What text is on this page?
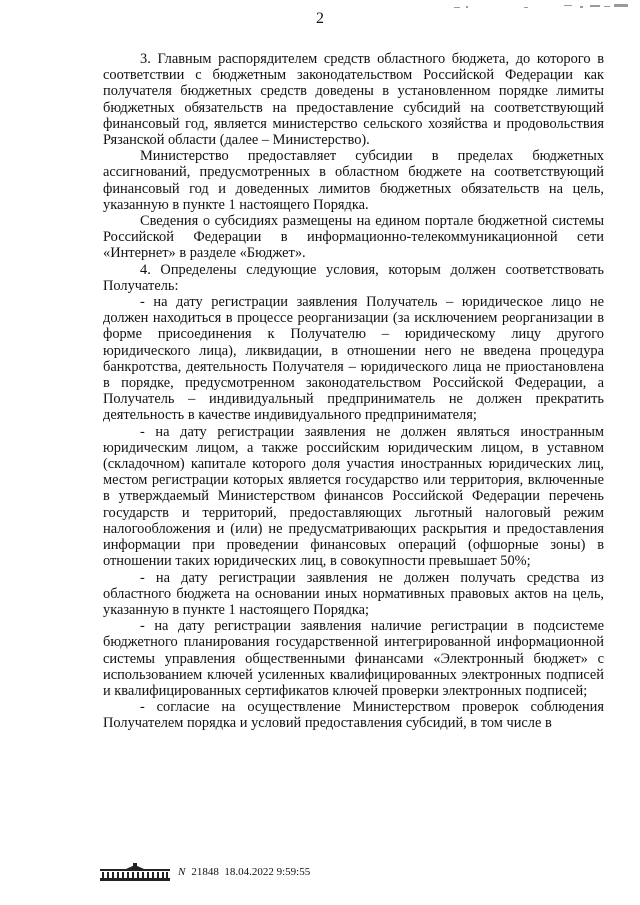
2

3. Главным распорядителем средств областного бюджета, до которого в соответствии с бюджетным законодательством Российской Федерации как получателя бюджетных средств доведены в установленном порядке лимиты бюджетных обязательств на предоставление субсидий на соответствующий финансовый год, является министерство сельского хозяйства и продовольствия Рязанской области (далее – Министерство).

Министерство предоставляет субсидии в пределах бюджетных ассигнований, предусмотренных в областном бюджете на соответствующий финансовый год и доведенных лимитов бюджетных обязательств на цель, указанную в пункте 1 настоящего Порядка.

Сведения о субсидиях размещены на едином портале бюджетной системы Российской Федерации в информационно-телекоммуникационной сети «Интернет» в разделе «Бюджет».

4. Определены следующие условия, которым должен соответствовать Получатель:

- на дату регистрации заявления Получатель – юридическое лицо не должен находиться в процессе реорганизации (за исключением реорганизации в форме присоединения к Получателю – юридическому лицу другого юридического лица), ликвидации, в отношении него не введена процедура банкротства, деятельность Получателя – юридического лица не приостановлена в порядке, предусмотренном законодательством Российской Федерации, а Получатель – индивидуальный предприниматель не должен прекратить деятельность в качестве индивидуального предпринимателя;

- на дату регистрации заявления не должен являться иностранным юридическим лицом, а также российским юридическим лицом, в уставном (складочном) капитале которого доля участия иностранных юридических лиц, местом регистрации которых является государство или территория, включенные в утверждаемый Министерством финансов Российской Федерации перечень государств и территорий, предоставляющих льготный налоговый режим налогообложения и (или) не предусматривающих раскрытия и предоставления информации при проведении финансовых операций (офшорные зоны) в отношении таких юридических лиц, в совокупности превышает 50%;

- на дату регистрации заявления не должен получать средства из областного бюджета на основании иных нормативных правовых актов на цель, указанную в пункте 1 настоящего Порядка;

- на дату регистрации заявления наличие регистрации в подсистеме бюджетного планирования государственной интегрированной информационной системы управления общественными финансами «Электронный бюджет» с использованием ключей усиленных квалифицированных электронных подписей и квалифицированных сертификатов ключей проверки электронных подписей;

- согласие на осуществление Министерством проверок соблюдения Получателем порядка и условий предоставления субсидий, в том числе в

N 21848 18.04.2022 9:59:55
